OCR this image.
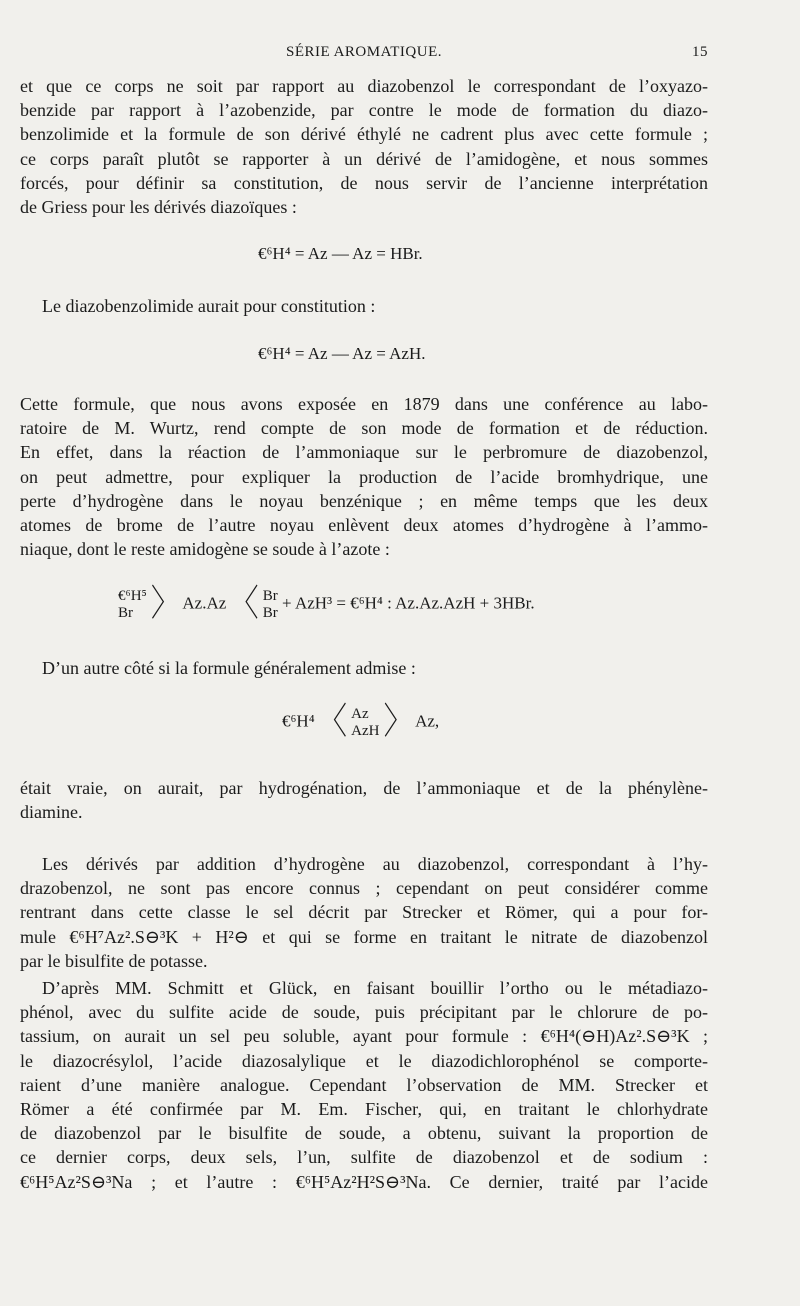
SÉRIE AROMATIQUE.	15
et que ce corps ne soit par rapport au diazobenzol le correspondant de l’oxyazo-
benzide par rapport à l’azobenzide, par contre le mode de formation du diazo-
benzolimide et la formule de son dérivé éthylé ne cadrent plus avec cette formule ;
ce corps paraît plutôt se rapporter à un dérivé de l’amidogène, et nous sommes
forcés, pour définir sa constitution, de nous servir de l’ancienne interprétation
de Griess pour les dérivés diazoïques :
€⁶H⁴ = Az — Az = HBr.
Le diazobenzolimide aurait pour constitution :
€⁶H⁴ = Az — Az = AzH.
Cette formule, que nous avons exposée en 1879 dans une conférence au labo-
ratoire de M. Wurtz, rend compte de son mode de formation et de réduction.
En effet, dans la réaction de l’ammoniaque sur le perbromure de diazobenzol,
on peut admettre, pour expliquer la production de l’acide bromhydrique, une
perte d’hydrogène dans le noyau benzénique ; en même temps que les deux
atomes de brome de l’autre noyau enlèvent deux atomes d’hydrogène à l’ammo-
niaque, dont le reste amidogène se soude à l’azote :
€⁶H⁵
Br 〉 Az.Az 〈 Br
Br
+ AzH³ = €⁶H⁴ : Az.Az.AzH + 3HBr.
D’un autre côté si la formule généralement admise :
€⁶H⁴ 〈 Az
AzH 〉 Az,
était vraie, on aurait, par hydrogénation, de l’ammoniaque et de la phénylène-
diamine.
Les dérivés par addition d’hydrogène au diazobenzol, correspondant à l’hy-
drazobenzol, ne sont pas encore connus ; cependant on peut considérer comme
rentrant dans cette classe le sel décrit par Strecker et Römer, qui a pour for-
mule €⁶H⁷Az².S⊖³K + H²⊖ et qui se forme en traitant le nitrate de diazobenzol
par le bisulfite de potasse.
D’après MM. Schmitt et Glück, en faisant bouillir l’ortho ou le métadiazo-
phénol, avec du sulfite acide de soude, puis précipitant par le chlorure de po-
tassium, on aurait un sel peu soluble, ayant pour formule : €⁶H⁴(⊖H)Az².S⊖³K ;
le diazocrésylol, l’acide diazosalylique et le diazodichlorophénol se comporte-
raient d’une manière analogue. Cependant l’observation de MM. Strecker et
Römer a été confirmée par M. Em. Fischer, qui, en traitant le chlorhydrate
de diazobenzol par le bisulfite de soude, a obtenu, suivant la proportion de
ce dernier corps, deux sels, l’un, sulfite de diazobenzol et de sodium :
€⁶H⁵Az²S⊖³Na ; et l’autre : €⁶H⁵Az²H²S⊖³Na. Ce dernier, traité par l’acide
